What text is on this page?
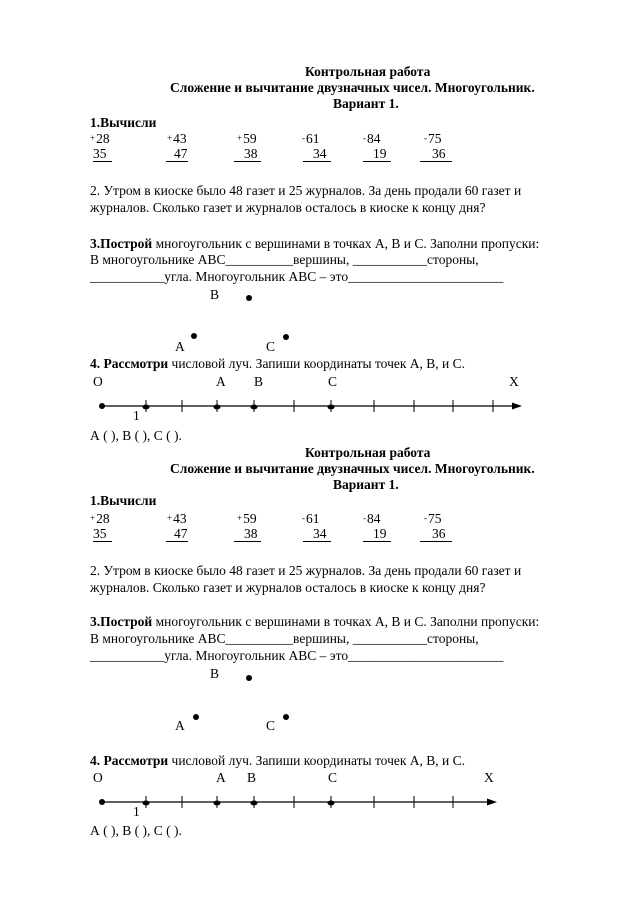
Контрольная работа
Сложение и вычитание двузначных чисел. Многоугольник.
Вариант 1.
1.Вычисли
+28
35
+43
47
+59
38
-61
34
-84
19
-75
36
2. Утром в киоске было 48 газет и 25 журналов. За день продали 60 газет и
журналов. Сколько газет и журналов осталось в киоске к концу дня?
3.Построй многоугольник с вершинами в точках А, В и С. Заполни пропуски:
В многоугольнике АВС__________вершины, ___________стороны,
___________угла. Многоугольник АВС – это_______________________
В
А	С
4. Рассмотри числовой луч. Запиши координаты точек А, В, и С.
О	А В	С	Х
1
А ( ), В ( ), С ( ).
Контрольная работа
Сложение и вычитание двузначных чисел. Многоугольник.
Вариант 1.
1.Вычисли
+28
35
+43
47
+59
38
-61
34
-84
19
-75
36
2. Утром в киоске было 48 газет и 25 журналов. За день продали 60 газет и
журналов. Сколько газет и журналов осталось в киоске к концу дня?
3.Построй многоугольник с вершинами в точках А, В и С. Заполни пропуски:
В многоугольнике АВС__________вершины, ___________стороны,
___________угла. Многоугольник АВС – это_______________________
В
А	С
4. Рассмотри числовой луч. Запиши координаты точек А, В, и С.
О	А В	С	Х
1
А ( ), В ( ), С ( ).
